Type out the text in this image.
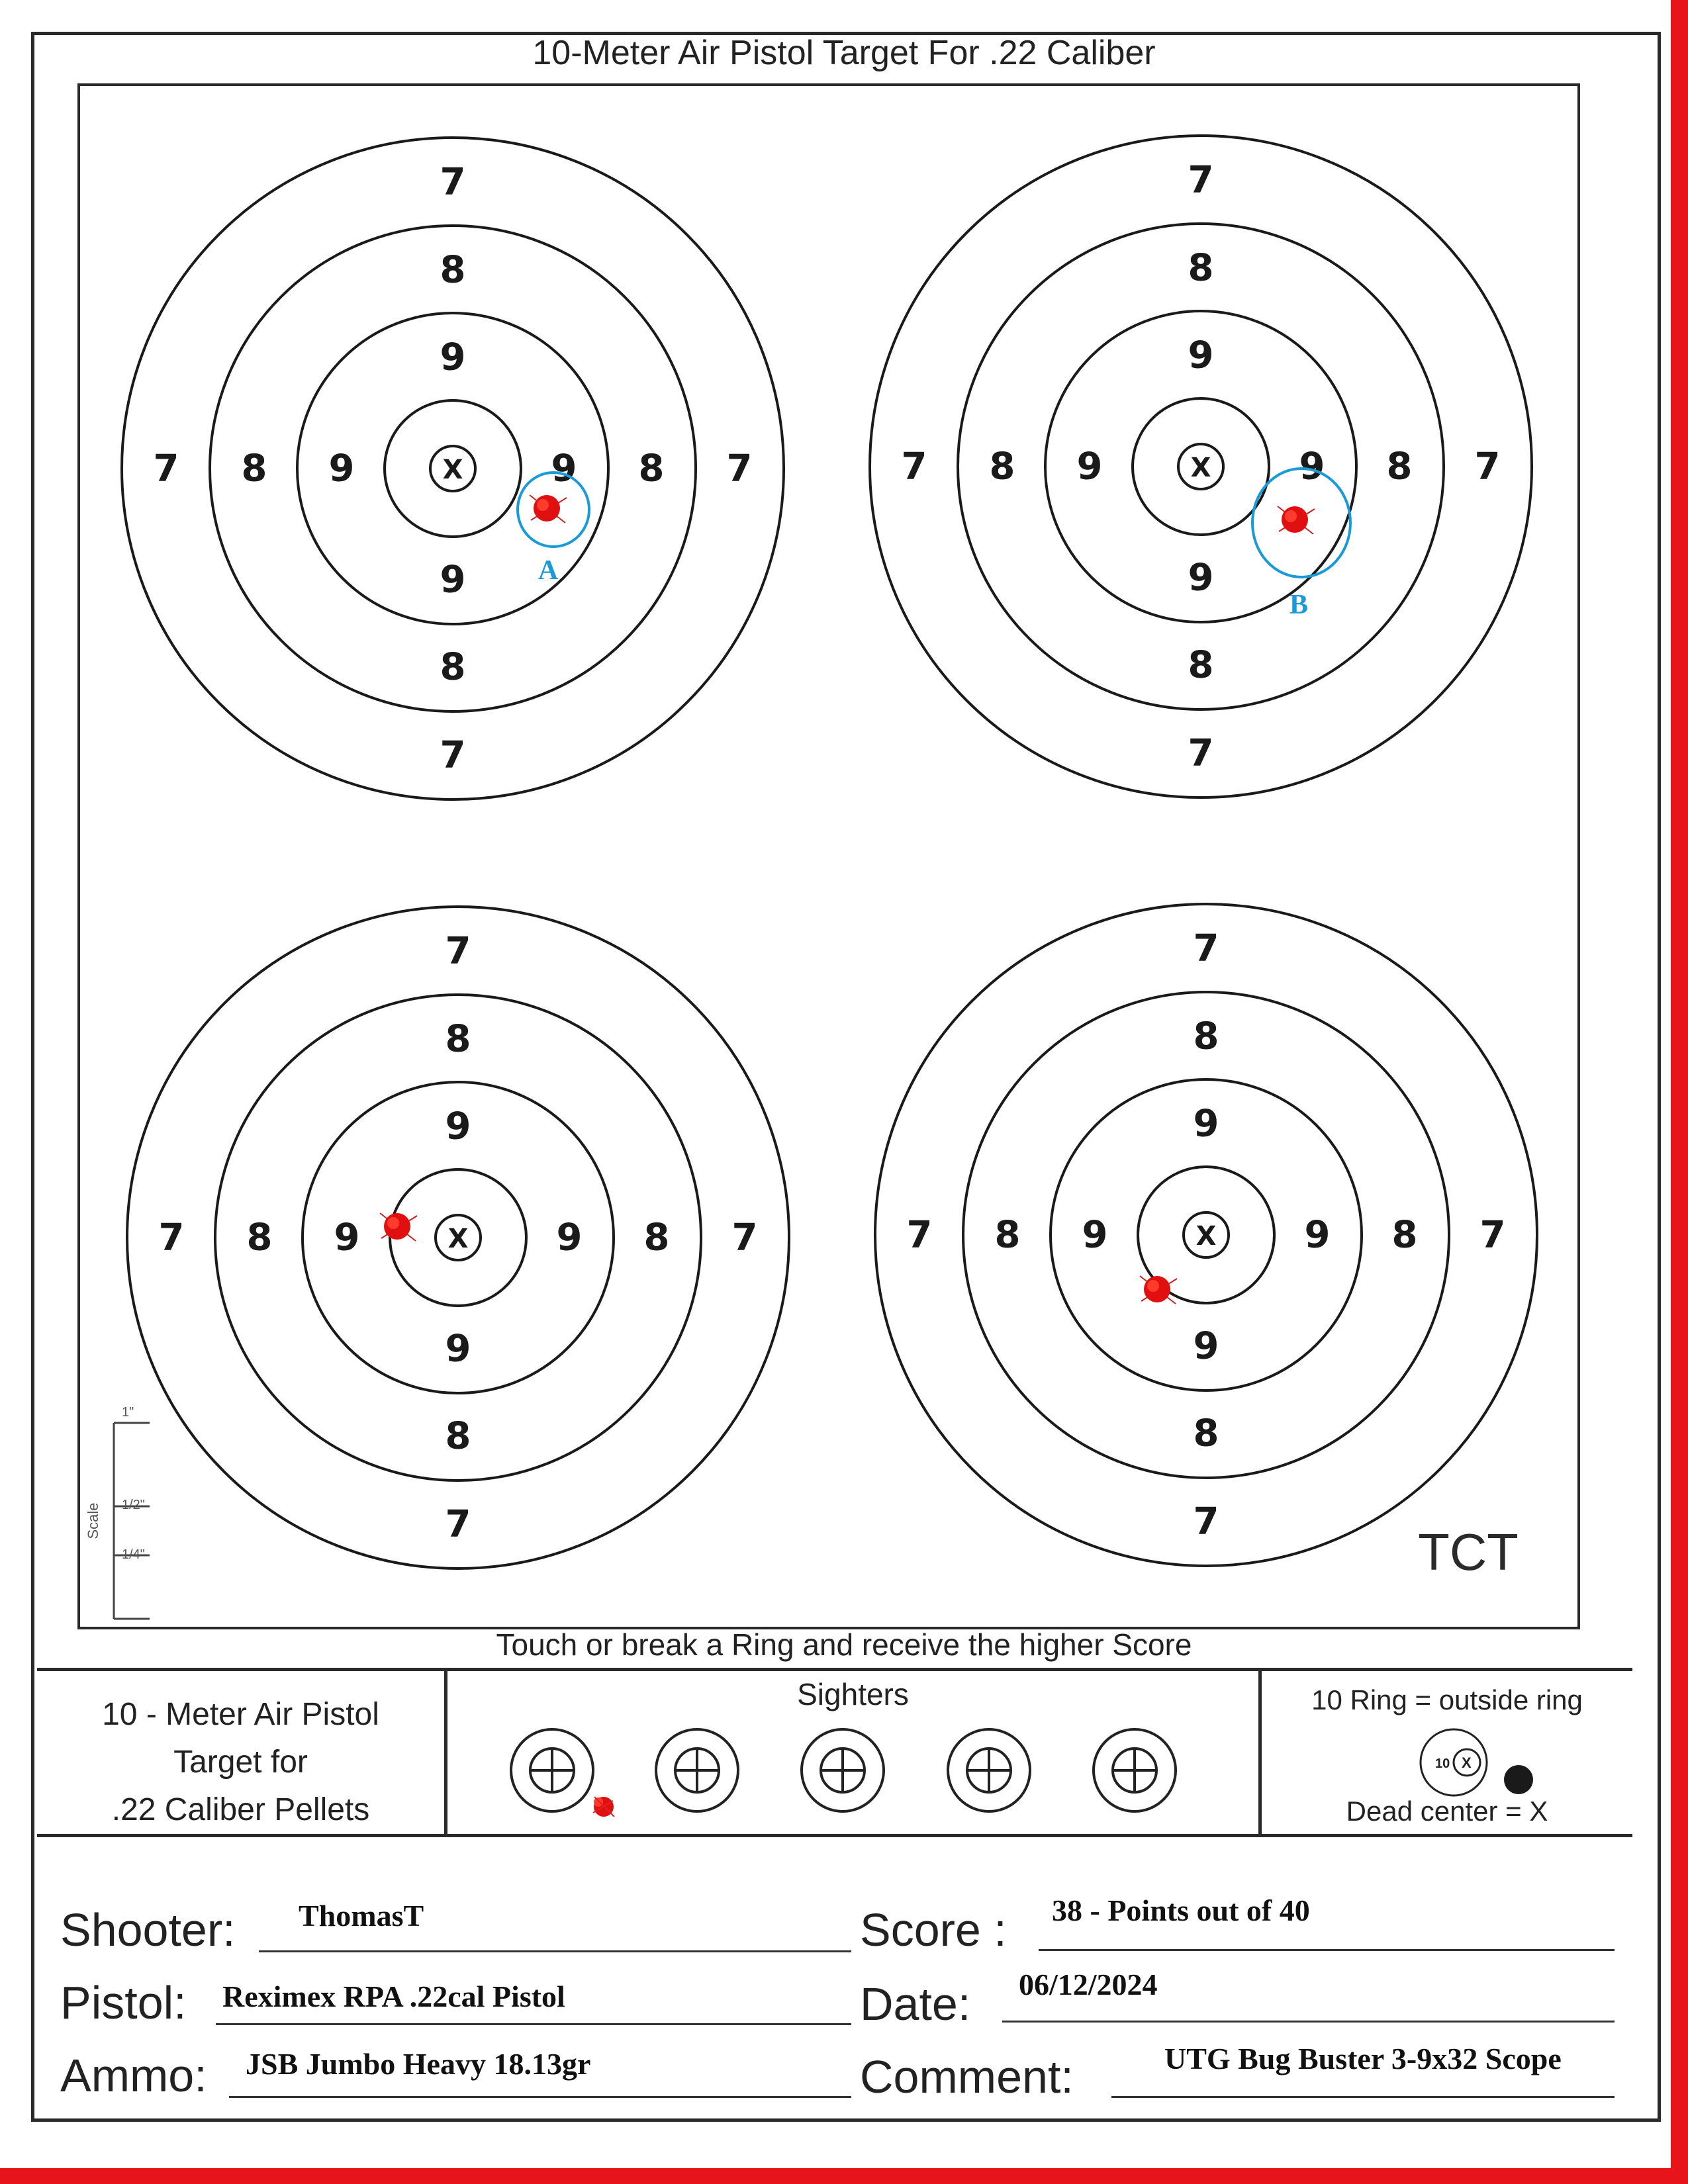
10-Meter Air Pistol Target For .22 Caliber
X
7
7
7	7
8
8
8	8
9
9
9	9	X
7
7
7	7
8
8
8	8
9
9
9	9
X
7
7
7	7
8
8
8	8
9
9
9	9	X
7
7
7	7
8
8
8	8
9
9
9	9
A
B
Scale
1"
1/2"
1/4"	TCT
Touch or break a Ring and receive the higher Score
10 - Meter Air Pistol
Target for
.22 Caliber Pellets
Sighters	10 Ring = outside ring
10 X
Dead center = X
Shooter: ThomasT
Pistol: Reximex RPA .22cal Pistol
Ammo: JSB Jumbo Heavy 18.13gr
Score : 38 - Points out of 40
Date: 06/12/2024
Comment:	UTG Bug Buster 3-9x32 Scope
